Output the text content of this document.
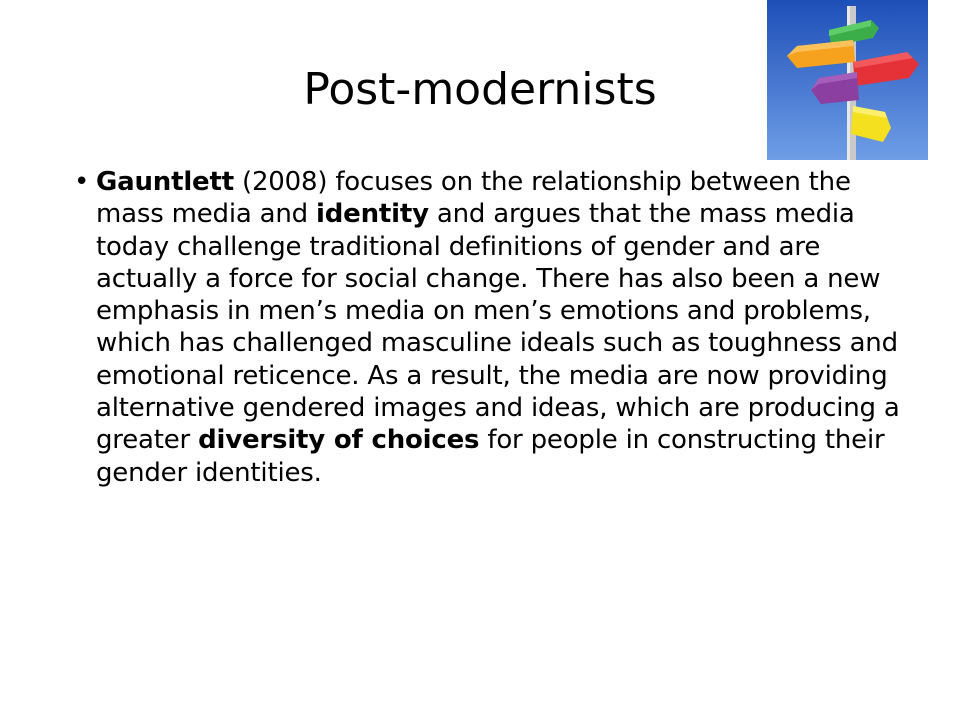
Post-modernists
• Gauntlett (2008) focuses on the relationship between the mass media and identity and argues that the mass media today challenge traditional definitions of gender and are actually a force for social change. There has also been a new emphasis in men’s media on men’s emotions and problems, which has challenged masculine ideals such as toughness and emotional reticence. As a result, the media are now providing alternative gendered images and ideas, which are producing a greater diversity of choices for people in constructing their gender identities.
